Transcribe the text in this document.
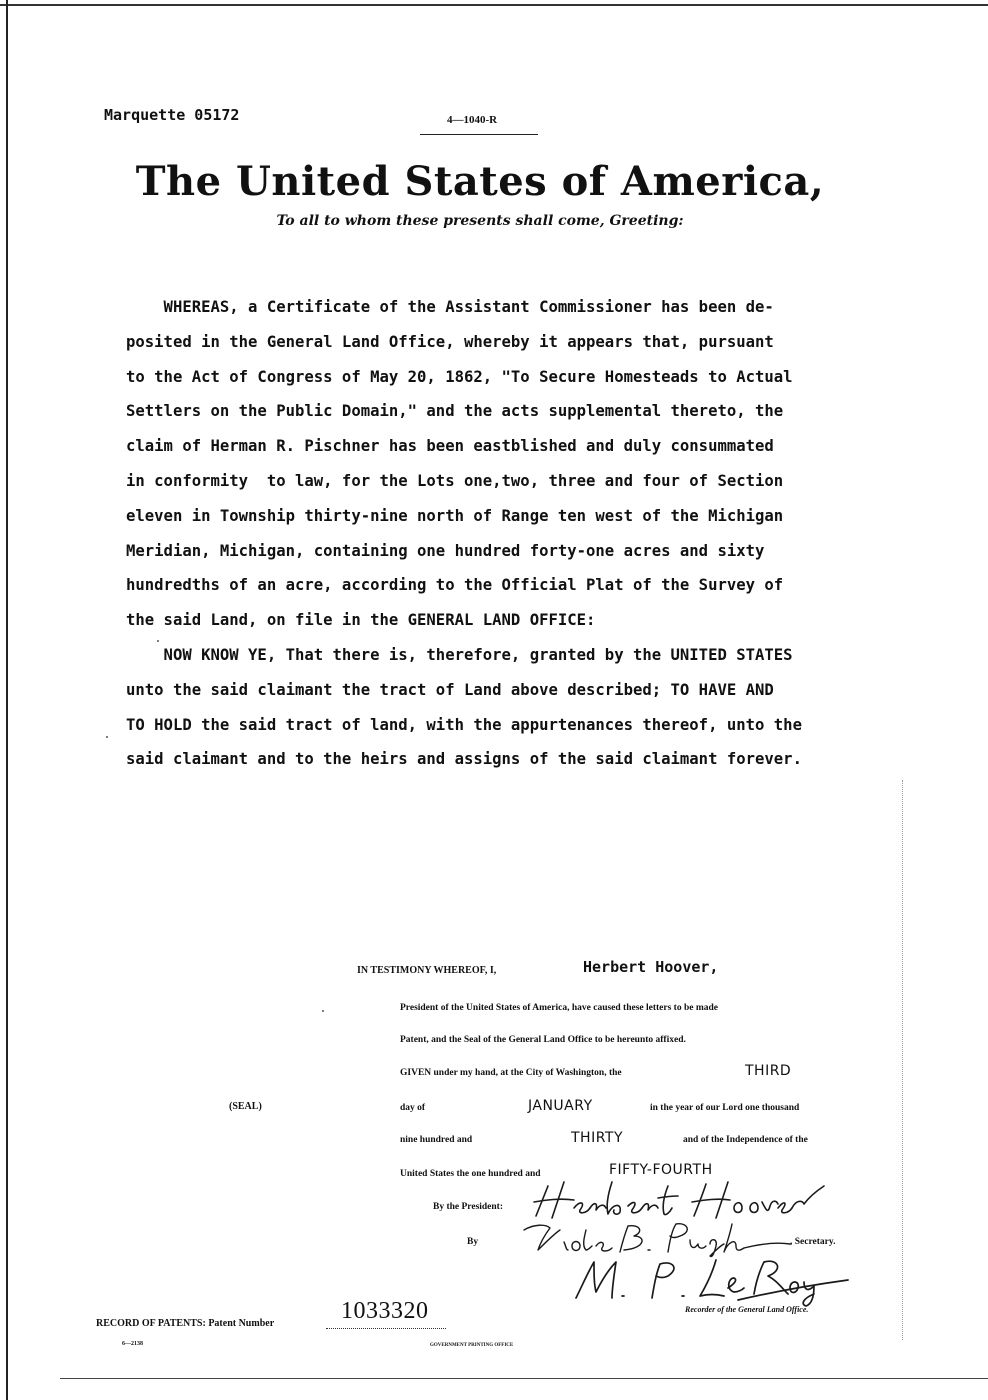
Marquette 05172	4—1040-R
The United States of America,
To all to whom these presents shall come, Greeting:
WHEREAS, a Certificate of the Assistant Commissioner has been de-
posited in the General Land Office, whereby it appears that, pursuant
to the Act of Congress of May 20, 1862, "To Secure Homesteads to Actual
Settlers on the Public Domain," and the acts supplemental thereto, the
claim of Herman R. Pischner has been eastblished and duly consummated
in conformity  to law, for the Lots one,two, three and four of Section
eleven in Township thirty-nine north of Range ten west of the Michigan
Meridian, Michigan, containing one hundred forty-one acres and sixty
hundredths of an acre, according to the Official Plat of the Survey of
the said Land, on file in the GENERAL LAND OFFICE:
NOW KNOW YE, That there is, therefore, granted by the UNITED STATES
unto the said claimant the tract of Land above described; TO HAVE AND
TO HOLD the said tract of land, with the appurtenances thereof, unto the
said claimant and to the heirs and assigns of the said claimant forever.
IN TESTIMONY WHEREOF, I,	Herbert Hoover,
President of the United States of America, have caused these letters to be made
Patent, and the Seal of the General Land Office to be hereunto affixed.
GIVEN under my hand, at the City of Washington, the
day of	in the year of our Lord one thousand
nine hundred and	and of the Independence of the
United States the one hundred and
THIRD
JANUARY
THIRTY
FIFTY-FOURTH
(SEAL)
By the President:
By	, Secretary.
Recorder of the General Land Office.
RECORD OF PATENTS: Patent Number	1033320
6—2138	GOVERNMENT PRINTING OFFICE
